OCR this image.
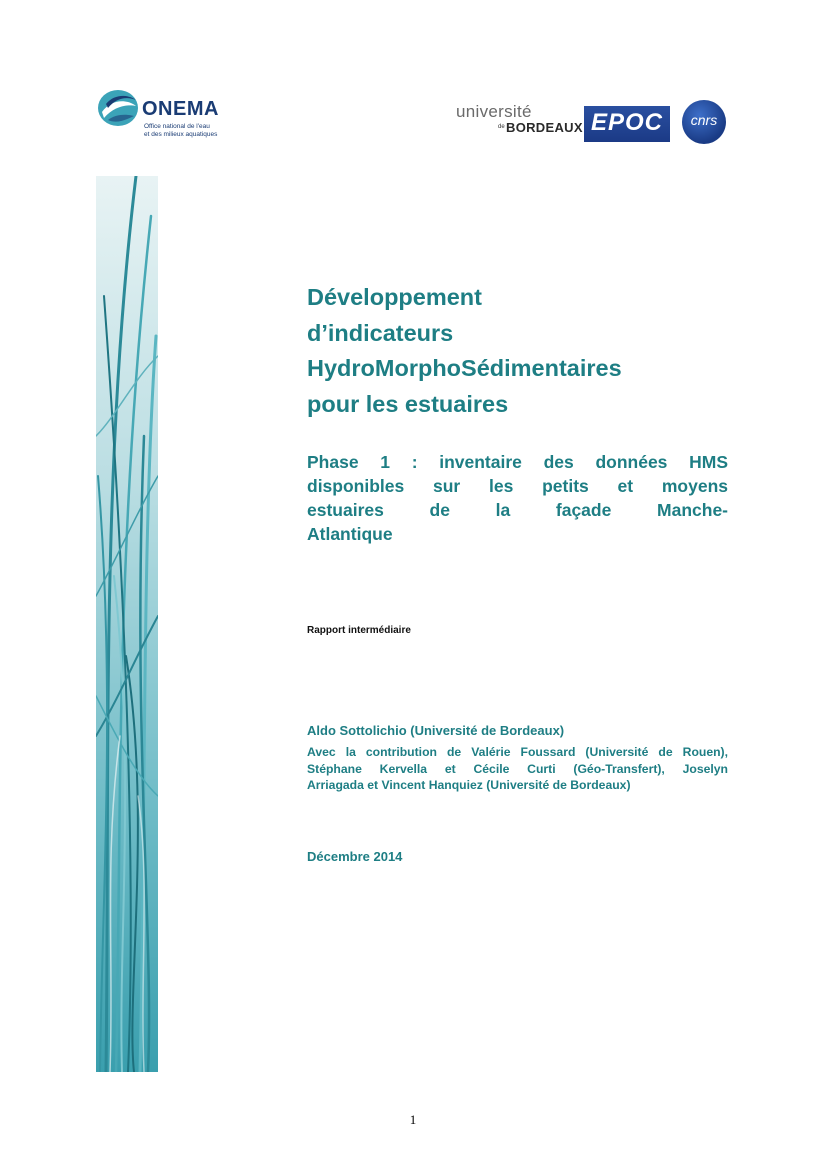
ONEMA
Office national de l'eau
et des milieux aquatiques
université
de BORDEAUX EPOC	cnrs
Développement
d’indicateurs
HydroMorphoSédimentaires
pour les estuaires
Phase 1 : inventaire des données HMS
disponibles sur les petits et moyens
estuaires de la façade Manche-
Atlantique
Rapport intermédiaire
Aldo Sottolichio (Université de Bordeaux)
Avec la contribution de Valérie Foussard (Université de Rouen),
Stéphane Kervella et Cécile Curti (Géo-Transfert), Joselyn
Arriagada et Vincent Hanquiez (Université de Bordeaux)
Décembre 2014
1
